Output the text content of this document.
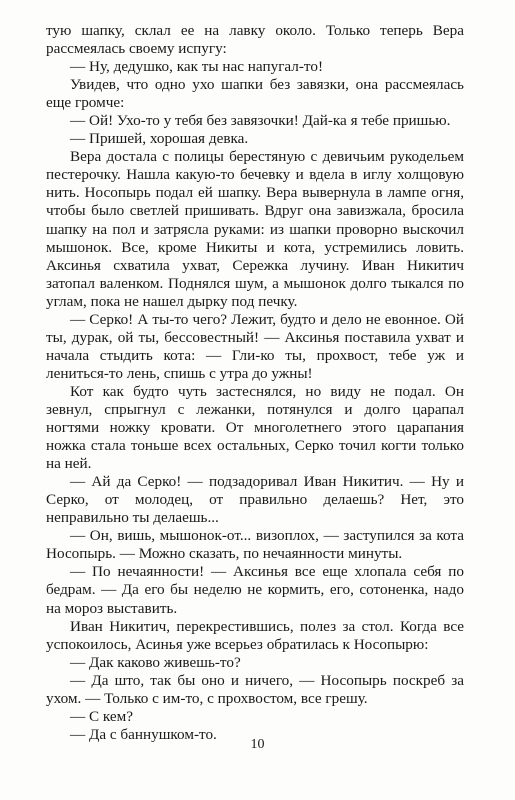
тую шапку, склал ее на лавку около. Только теперь Вера рассмеялась своему испугу:

— Ну, дедушко, как ты нас напугал-то!

Увидев, что одно ухо шапки без завязки, она рассмеялась еще громче:

— Ой! Ухо-то у тебя без завязочки! Дай-ка я тебе пришью.

— Пришей, хорошая девка.

Вера достала с полицы берестяную с девичьим рукодельем пестерочку. Нашла какую-то бечевку и вдела в иглу холщовую нить. Носопырь подал ей шапку. Вера вывернула в лампе огня, чтобы было светлей пришивать. Вдруг она завизжала, бросила шапку на пол и затрясла руками: из шапки проворно выскочил мышонок. Все, кроме Никиты и кота, устремились ловить. Аксинья схватила ухват, Сережка лучину. Иван Никитич затопал валенком. Поднялся шум, а мышонок долго тыкался по углам, пока не нашел дырку под печку.

— Серко! А ты-то чего? Лежит, будто и дело не евонное. Ой ты, дурак, ой ты, бессовестный! — Аксинья поставила ухват и начала стыдить кота: — Гли-ко ты, прохвост, тебе уж и лениться-то лень, спишь с утра до ужны!

Кот как будто чуть застеснялся, но виду не подал. Он зевнул, спрыгнул с лежанки, потянулся и долго царапал ногтями ножку кровати. От многолетнего этого царапания ножка стала тоньше всех остальных, Серко точил когти только на ней.

— Ай да Серко! — подзадоривал Иван Никитич. — Ну и Серко, от молодец, от правильно делаешь? Нет, это неправильно ты делаешь...

— Он, вишь, мышонок-от... визоплох, — заступился за кота Носопырь. — Можно сказать, по нечаянности минуты.

— По нечаянности! — Аксинья все еще хлопала себя по бедрам. — Да его бы неделю не кормить, его, сотоненка, надо на мороз выставить.

Иван Никитич, перекрестившись, полез за стол. Когда все успокоилось, Асинья уже всерьез обратилась к Носопырю:

— Дак каково живешь-то?

— Да што, так бы оно и ничего, — Носопырь поскреб за ухом. — Только с им-то, с прохвостом, все грешу.

— С кем?

— Да с баннушком-то.

10
